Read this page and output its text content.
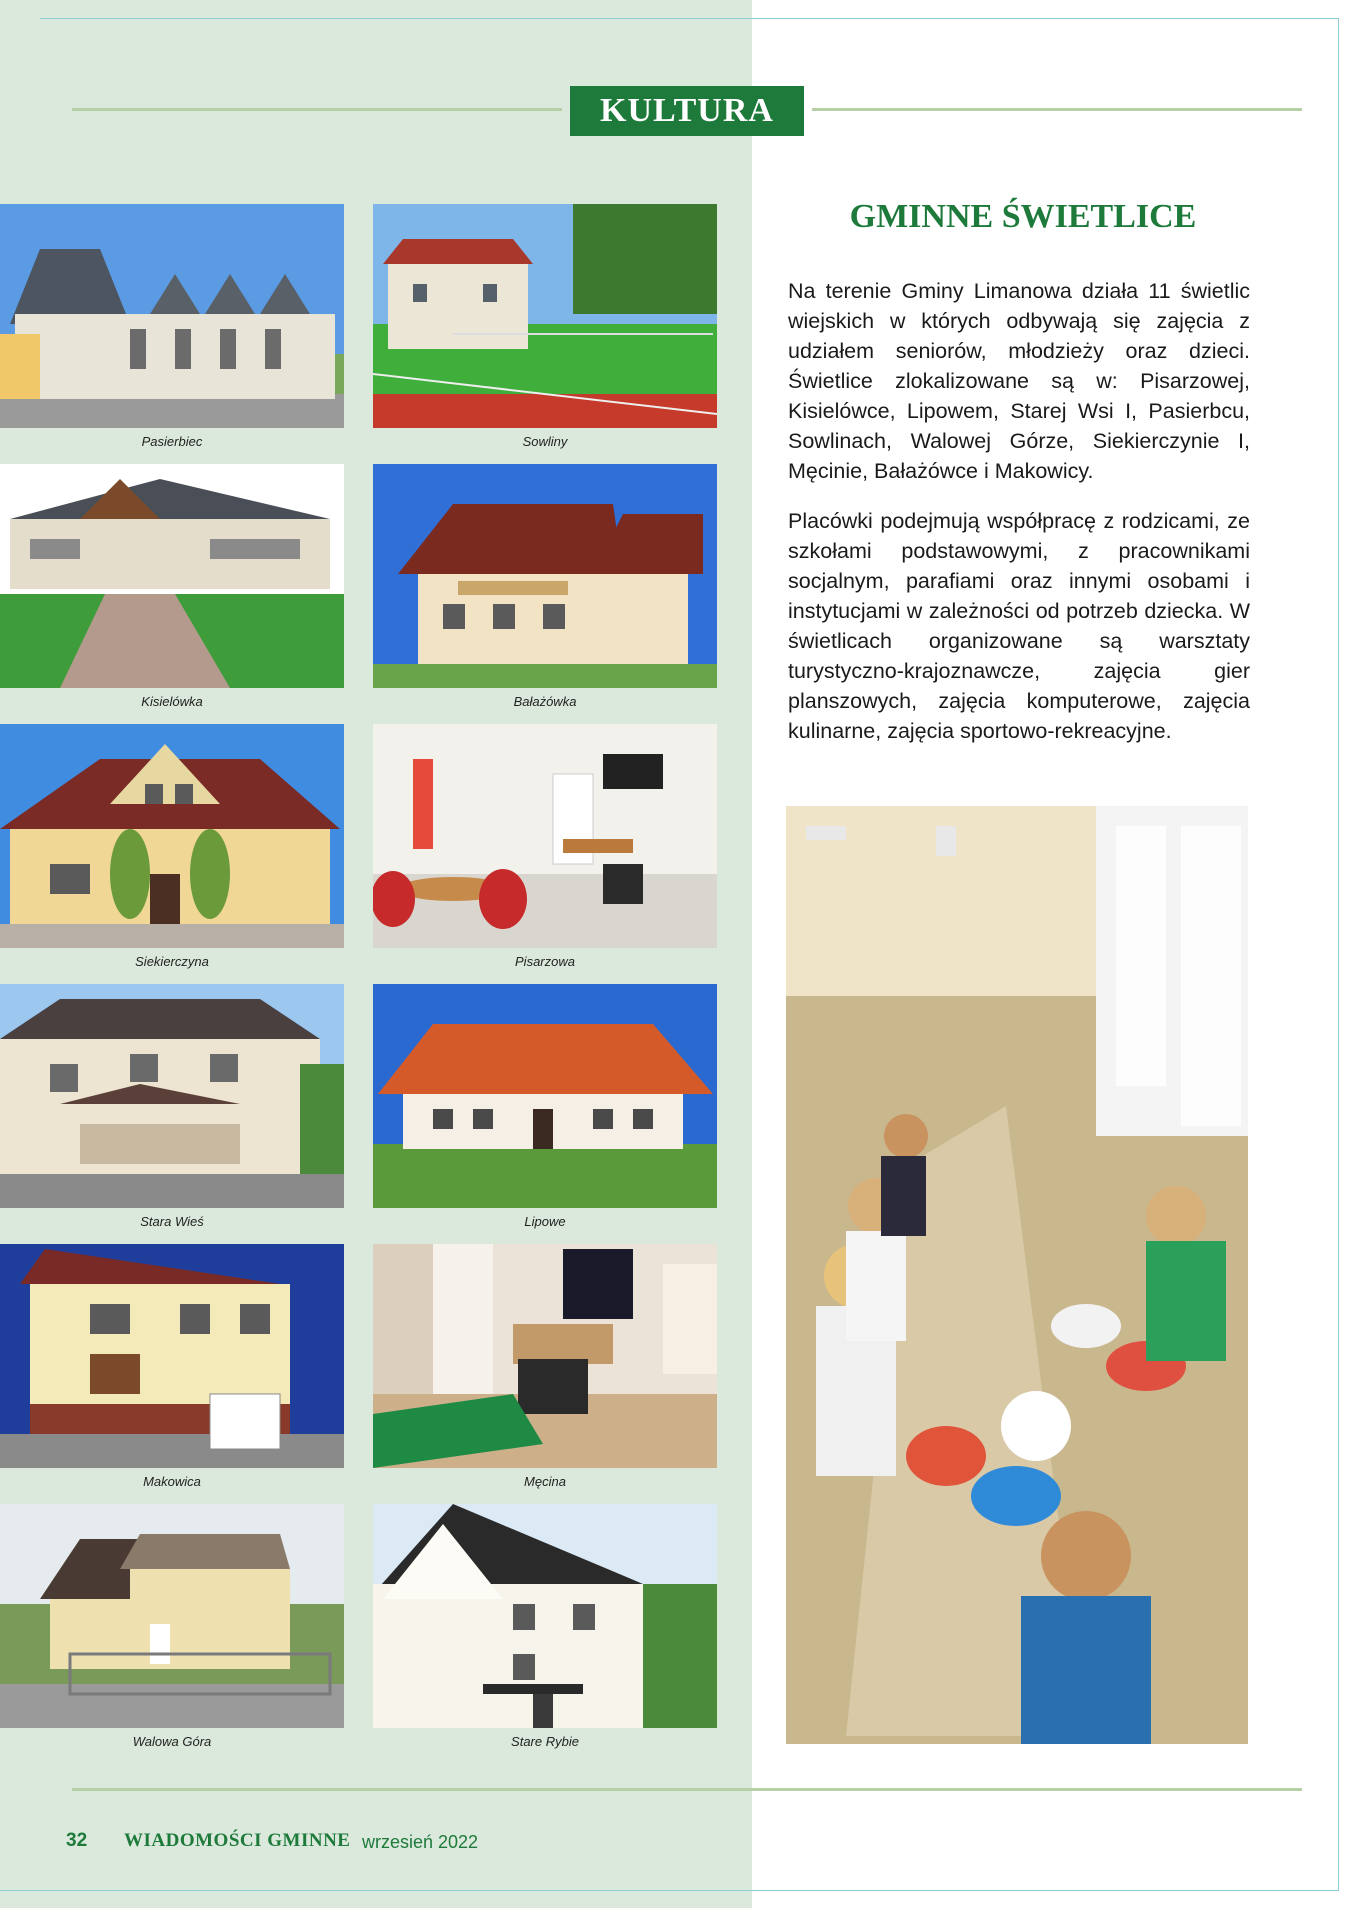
KULTURA
Pasierbiec	Sowliny
Kisielówka	Bałażówka
Siekierczyna	Pisarzowa
Stara Wieś	Lipowe
Makowica	Męcina
Walowa Góra	Stare Rybie
GMINNE ŚWIETLICE

Na terenie Gminy Limanowa działa 11 świetlic wiejskich w których odbywają się zajęcia z udziałem seniorów, młodzieży oraz dzieci. Świetlice zlokalizowane są w: Pisarzowej, Kisielówce, Lipowem, Starej Wsi I, Pasierbcu, Sowlinach, Walowej Górze, Siekierczynie I, Męcinie, Bałażówce i Makowicy.

Placówki podejmują współpracę z rodzicami, ze szkołami podstawowymi, z pracownikami socjalnym, parafiami oraz innymi osobami i instytucjami w zależności od potrzeb dziecka. W świetlicach organizowane są warsztaty turystyczno-krajoznawcze, zajęcia gier planszowych, zajęcia komputerowe, zajęcia kulinarne, zajęcia sportowo-rekreacyjne.

32 WIADOMOŚCI GMINNE wrzesień 2022
